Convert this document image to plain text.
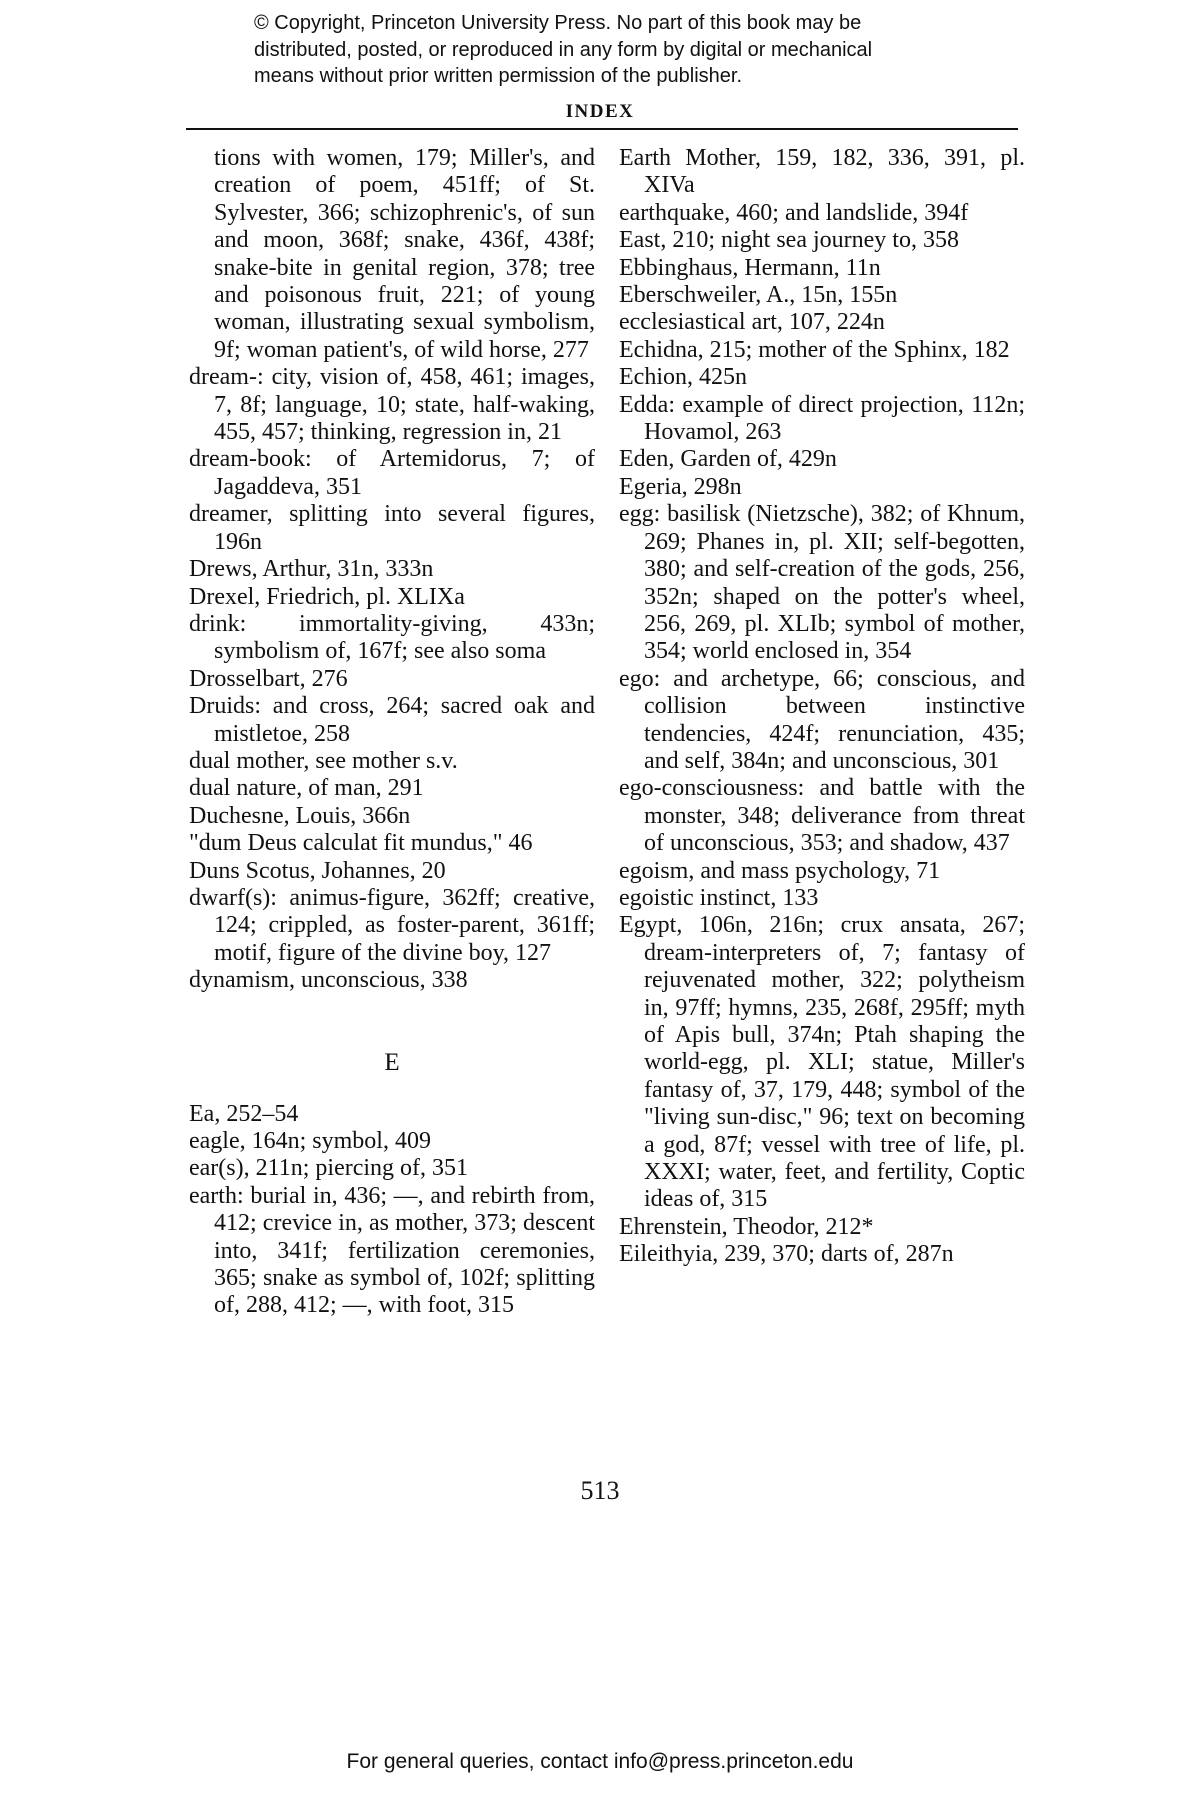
© Copyright, Princeton University Press. No part of this book may be
distributed, posted, or reproduced in any form by digital or mechanical
means without prior written permission of the publisher.
INDEX
tions with women, 179; Miller's, and creation of poem, 451ff; of St. Sylvester, 366; schizophrenic's, of sun and moon, 368f; snake, 436f, 438f; snake-bite in genital region, 378; tree and poisonous fruit, 221; of young woman, illustrating sexual symbolism, 9f; woman patient's, of wild horse, 277
dream-: city, vision of, 458, 461; images, 7, 8f; language, 10; state, half-waking, 455, 457; thinking, regression in, 21
dream-book: of Artemidorus, 7; of Jagaddeva, 351
dreamer, splitting into several figures, 196n
Drews, Arthur, 31n, 333n
Drexel, Friedrich, pl. XLIXa
drink: immortality-giving, 433n; symbolism of, 167f; see also soma
Drosselbart, 276
Druids: and cross, 264; sacred oak and mistletoe, 258
dual mother, see mother s.v.
dual nature, of man, 291
Duchesne, Louis, 366n
"dum Deus calculat fit mundus," 46
Duns Scotus, Johannes, 20
dwarf(s): animus-figure, 362ff; creative, 124; crippled, as foster-parent, 361ff; motif, figure of the divine boy, 127
dynamism, unconscious, 338
E
Ea, 252–54
eagle, 164n; symbol, 409
ear(s), 211n; piercing of, 351
earth: burial in, 436; —, and rebirth from, 412; crevice in, as mother, 373; descent into, 341f; fertilization ceremonies, 365; snake as symbol of, 102f; splitting of, 288, 412; —, with foot, 315
Earth Mother, 159, 182, 336, 391, pl. XIVa
earthquake, 460; and landslide, 394f
East, 210; night sea journey to, 358
Ebbinghaus, Hermann, 11n
Eberschweiler, A., 15n, 155n
ecclesiastical art, 107, 224n
Echidna, 215; mother of the Sphinx, 182
Echion, 425n
Edda: example of direct projection, 112n; Hovamol, 263
Eden, Garden of, 429n
Egeria, 298n
egg: basilisk (Nietzsche), 382; of Khnum, 269; Phanes in, pl. XII; self-begotten, 380; and self-creation of the gods, 256, 352n; shaped on the potter's wheel, 256, 269, pl. XLIb; symbol of mother, 354; world enclosed in, 354
ego: and archetype, 66; conscious, and collision between instinctive tendencies, 424f; renunciation, 435; and self, 384n; and unconscious, 301
ego-consciousness: and battle with the monster, 348; deliverance from threat of unconscious, 353; and shadow, 437
egoism, and mass psychology, 71
egoistic instinct, 133
Egypt, 106n, 216n; crux ansata, 267; dream-interpreters of, 7; fantasy of rejuvenated mother, 322; polytheism in, 97ff; hymns, 235, 268f, 295ff; myth of Apis bull, 374n; Ptah shaping the world-egg, pl. XLI; statue, Miller's fantasy of, 37, 179, 448; symbol of the "living sun-disc," 96; text on becoming a god, 87f; vessel with tree of life, pl. XXXI; water, feet, and fertility, Coptic ideas of, 315
Ehrenstein, Theodor, 212*
Eileithyia, 239, 370; darts of, 287n
513
For general queries, contact info@press.princeton.edu
